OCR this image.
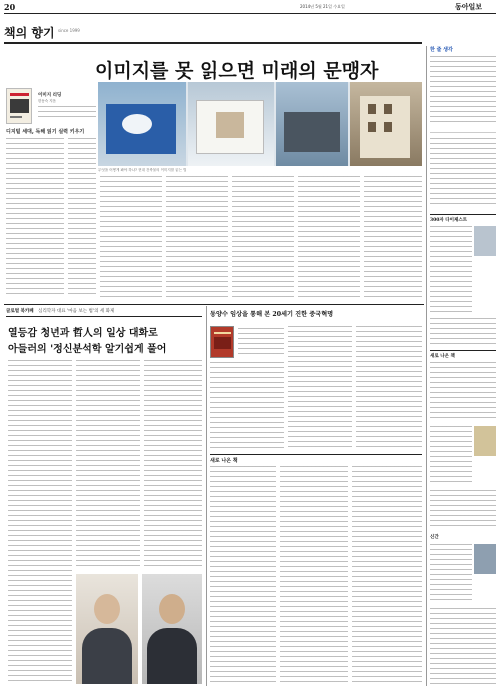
20	2014년 5월 21일 수요일	동아일보
책의 향기 since 1999
이미지를 못 읽으면 미래의 문맹자
이미지 리딩
한동숙 지음
무엇을 어떻게 봐야 하나? 현대 건축물의 이미지를 읽는 법
디지털 세대, 독해 읽기 실력 키우기
한 줄 생각
300자 다이제스트
새로 나온 책
신간
글로벌 북카페 심리학자 대표 '마음 보는 법'의 세 화제
열등감 청년과 哲人의 일상 대화로
아들러의 '정신분석학 알기쉽게 풀어
동양수 임상을 통해 본 20세기 진한 중국혁명
새로 나온 책
